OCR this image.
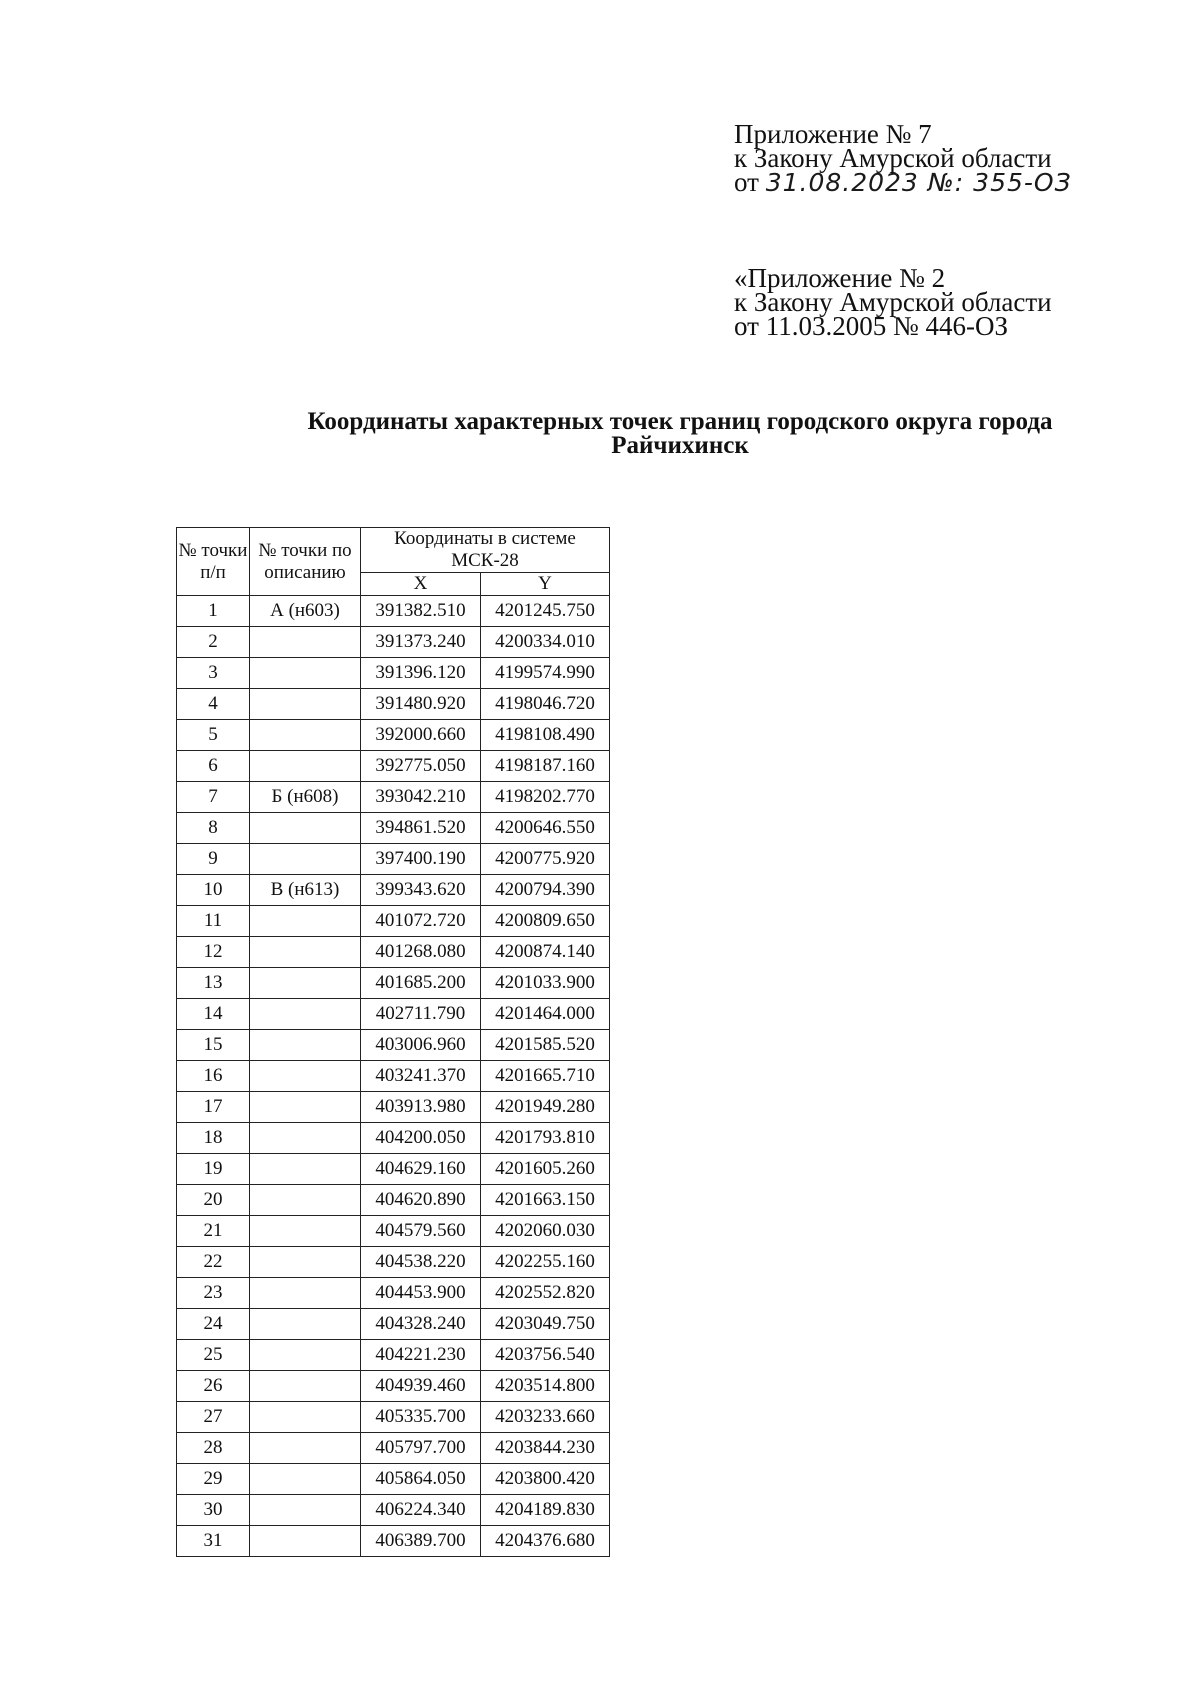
Приложение № 7
к Закону Амурской области
от 31.08.2023 №: 355-ОЗ
«Приложение № 2
к Закону Амурской области
от 11.03.2005 № 446-ОЗ
Координаты характерных точек границ городского округа города
Райчихинск
№ точки п/п	№ точки по описанию	Координаты в системе МСК-28	
		X	Y
1	А (н603)	391382.510	4201245.750
2		391373.240	4200334.010
3		391396.120	4199574.990
4		391480.920	4198046.720
5		392000.660	4198108.490
6		392775.050	4198187.160
7	Б (н608)	393042.210	4198202.770
8		394861.520	4200646.550
9		397400.190	4200775.920
10	В (н613)	399343.620	4200794.390
11		401072.720	4200809.650
12		401268.080	4200874.140
13		401685.200	4201033.900
14		402711.790	4201464.000
15		403006.960	4201585.520
16		403241.370	4201665.710
17		403913.980	4201949.280
18		404200.050	4201793.810
19		404629.160	4201605.260
20		404620.890	4201663.150
21		404579.560	4202060.030
22		404538.220	4202255.160
23		404453.900	4202552.820
24		404328.240	4203049.750
25		404221.230	4203756.540
26		404939.460	4203514.800
27		405335.700	4203233.660
28		405797.700	4203844.230
29		405864.050	4203800.420
30		406224.340	4204189.830
31		406389.700	4204376.680
